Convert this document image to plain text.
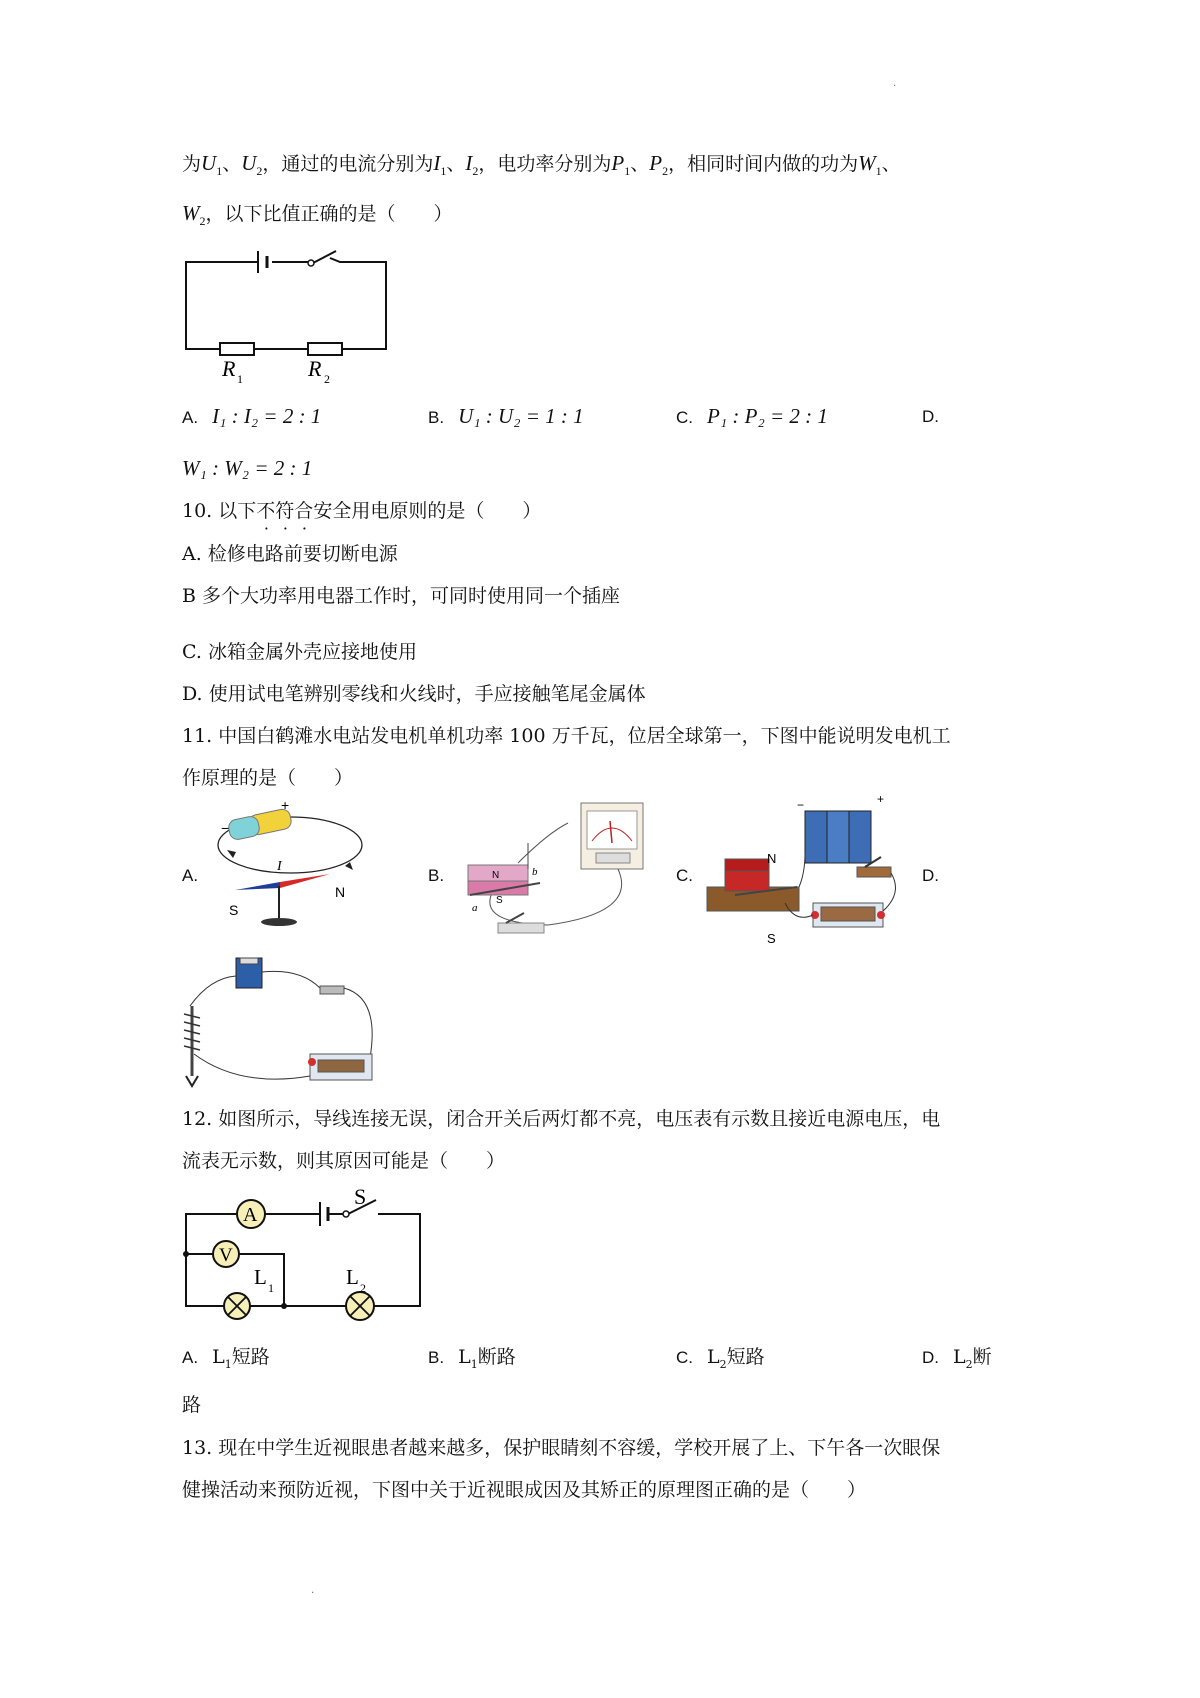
.
.
为$U_1$、$U_2$，通过的电流分别为$I_1$、$I_2$，电功率分别为$P_1$、$P_2$，相同时间内做的功为$W_1$、
$W_2$，以下比值正确的是（　　）
R 1	R 2
A. I₁ : I₂ = 2 : 1	B. U₁ : U₂ = 1 : 1	C. P₁ : P₂ = 2 : 1	D.
W₁ : W₂ = 2 : 1
10. 以下不符合安全用电原则的是（　　）
A. 检修电路前要切断电源
B 多个大功率用电器工作时，可同时使用同一个插座
C. 冰箱金属外壳应接地使用
D. 使用试电笔辨别零线和火线时，手应接触笔尾金属体
11. 中国白鹤滩水电站发电机单机功率 100 万千瓦，位居全球第一，下图中能说明发电机工
作原理的是（　　）
A.	B.	C.	D.
+
−
I
S
N
N
S
a
b
N
S
−	+
12. 如图所示，导线连接无误，闭合开关后两灯都不亮，电压表有示数且接近电源电压，电
流表无示数，则其原因可能是（　　）
A
V
S
L 1	L 2
A. $L_1$短路	B. $L_1$断路	C. $L_2$短路	D. $L_2$断
路
13. 现在中学生近视眼患者越来越多，保护眼睛刻不容缓，学校开展了上、下午各一次眼保
健操活动来预防近视，下图中关于近视眼成因及其矫正的原理图正确的是（　　）
